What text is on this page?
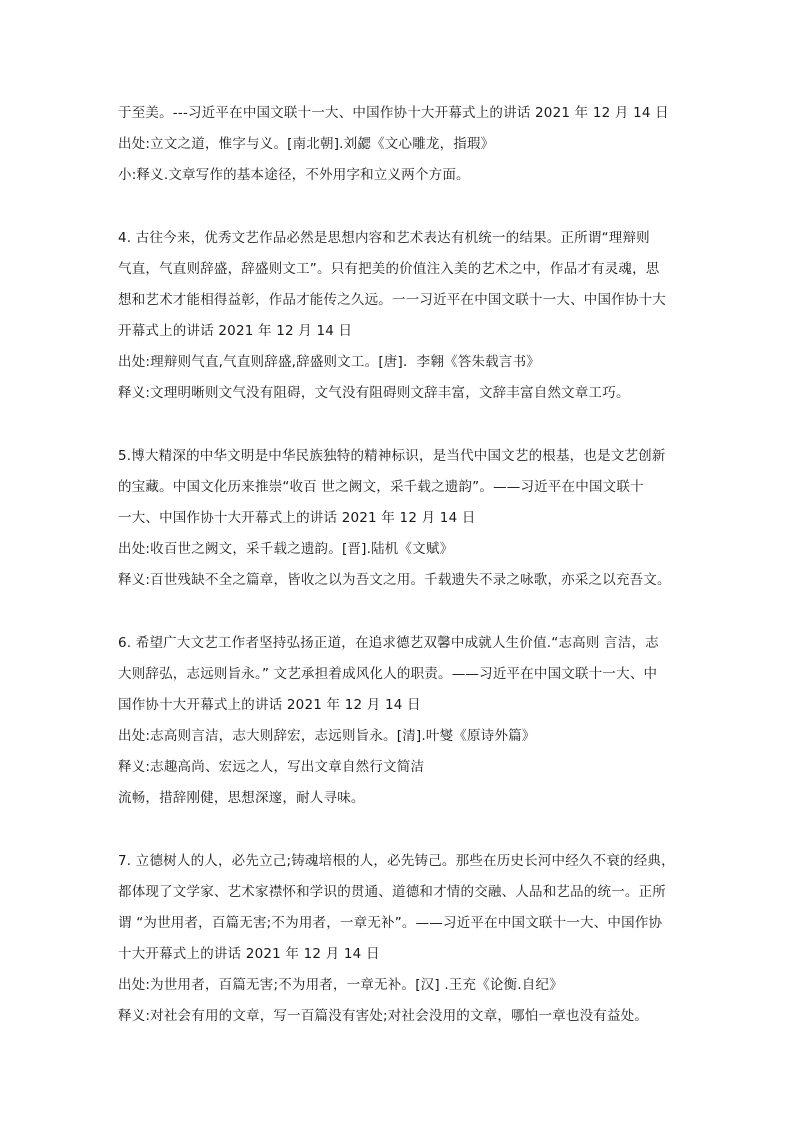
于至美。---习近平在中国文联十一大、中国作协十大开幕式上的讲话 2021 年 12 月 14 日
出处:立文之道，惟字与义。[南北朝].刘勰《文心雕龙，指瑕》
小:释义.文章写作的基本途径，不外用字和立义两个方面。
4. 古往今来，优秀文艺作品必然是思想内容和艺术表达有机统一的结果。正所谓“理辩则
气直，气直则辞盛，辞盛则文工”。只有把美的价值注入美的艺术之中，作品才有灵魂，思
想和艺术才能相得益彰，作品才能传之久远。一一习近平在中国文联十一大、中国作协十大
开幕式上的讲话 2021 年 12 月 14 日
出处:理辩则气直,气直则辞盛,辞盛则文工。[唐]．李翱《答朱载言书》
释义:文理明晰则文气没有阻碍，文气没有阻碍则文辞丰富，文辞丰富自然文章工巧。
5.博大精深的中华文明是中华民族独特的精神标识，是当代中国文艺的根基，也是文艺创新
的宝藏。中国文化历来推崇“收百 世之阙文，采千载之遗韵”。——习近平在中国文联十
一大、中国作协十大开幕式上的讲话 2021 年 12 月 14 日
出处:收百世之阙文，采千载之遗韵。[晋].陆机《文赋》
释义:百世残缺不全之篇章，皆收之以为吾文之用。千载遗失不录之咏歌，亦采之以充吾文。
6. 希望广大文艺工作者坚持弘扬正道，在追求德艺双馨中成就人生价值.“志高则 言洁，志
大则辞弘，志远则旨永。” 文艺承担着成风化人的职责。——习近平在中国文联十一大、中
国作协十大开幕式上的讲话 2021 年 12 月 14 日
出处:志高则言洁，志大则辞宏，志远则旨永。[清].叶燮《原诗外篇》
释义:志趣高尚、宏远之人，写出文章自然行文简洁
流畅，措辞刚健，思想深邃，耐人寻味。
7. 立德树人的人，必先立己;铸魂培根的人，必先铸己。那些在历史长河中经久不衰的经典，
都体现了文学家、艺术家襟怀和学识的贯通、道德和才情的交融、人品和艺品的统一。正所
谓 “为世用者，百篇无害;不为用者，一章无补”。——习近平在中国文联十一大、中国作协
十大开幕式上的讲话 2021 年 12 月 14 日
出处:为世用者，百篇无害;不为用者，一章无补。[汉] .王充《论衡.自纪》
释义:对社会有用的文章，写一百篇没有害处;对社会没用的文章，哪怕一章也没有益处。
